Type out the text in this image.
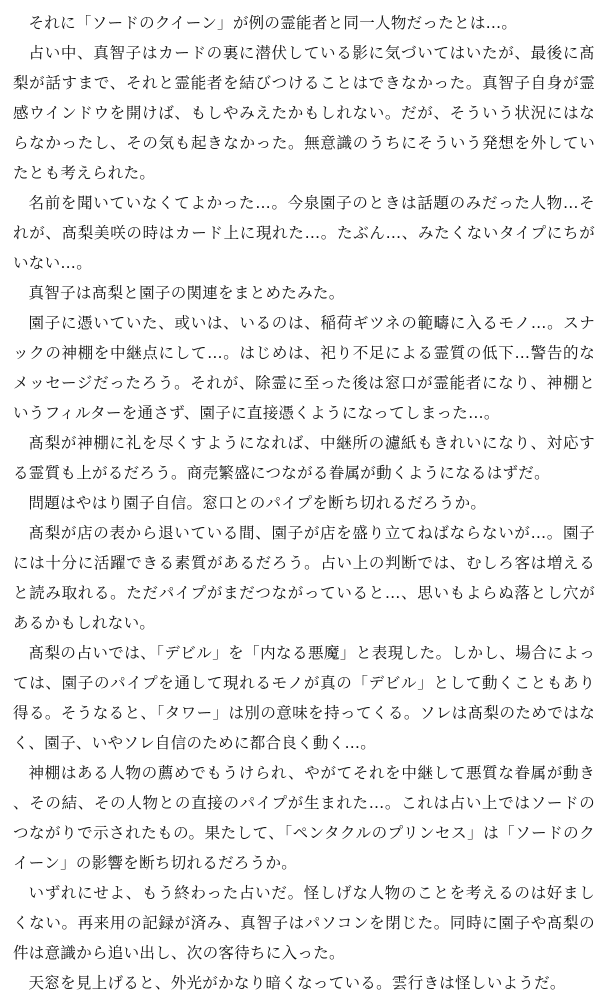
それに「ソードのクイーン」が例の霊能者と同一人物だったとは…。

占い中、真智子はカードの裏に潜伏している影に気づいてはいたが、最後に髙梨が話すまで、それと霊能者を結びつけることはできなかった。真智子自身が霊感ウインドウを開けば、もしやみえたかもしれない。だが、そういう状況にはならなかったし、その気も起きなかった。無意識のうちにそういう発想を外していたとも考えられた。

名前を聞いていなくてよかった…。今泉園子のときは話題のみだった人物…それが、髙梨美咲の時はカード上に現れた…。たぶん…、みたくないタイプにちがいない…。

真智子は髙梨と園子の関連をまとめたみた。

園子に憑いていた、或いは、いるのは、稲荷ギツネの範疇に入るモノ…。スナックの神棚を中継点にして…。はじめは、祀り不足による霊質の低下…警告的なメッセージだったろう。それが、除霊に至った後は窓口が霊能者になり、神棚というフィルターを通さず、園子に直接憑くようになってしまった…。

髙梨が神棚に礼を尽くすようになれば、中継所の濾紙もきれいになり、対応する霊質も上がるだろう。商売繁盛につながる眷属が動くようになるはずだ。

問題はやはり園子自信。窓口とのパイプを断ち切れるだろうか。

髙梨が店の表から退いている間、園子が店を盛り立てねばならないが…。園子には十分に活躍できる素質があるだろう。占い上の判断では、むしろ客は増えると読み取れる。ただパイプがまだつながっていると…、思いもよらぬ落とし穴があるかもしれない。

髙梨の占いでは、「デビル」を「内なる悪魔」と表現した。しかし、場合によっては、園子のパイプを通して現れるモノが真の「デビル」として動くこともあり得る。そうなると、「タワー」は別の意味を持ってくる。ソレは髙梨のためではなく、園子、いやソレ自信のために都合良く動く…。

神棚はある人物の薦めでもうけられ、やがてそれを中継して悪質な眷属が動き、その結、その人物との直接のパイプが生まれた…。これは占い上ではソードのつながりで示されたもの。果たして、「ペンタクルのプリンセス」は「ソードのクイーン」の影響を断ち切れるだろうか。

いずれにせよ、もう終わった占いだ。怪しげな人物のことを考えるのは好ましくない。再来用の記録が済み、真智子はパソコンを閉じた。同時に園子や髙梨の件は意識から追い出し、次の客待ちに入った。

天窓を見上げると、外光がかなり暗くなっている。雲行きは怪しいようだ。
